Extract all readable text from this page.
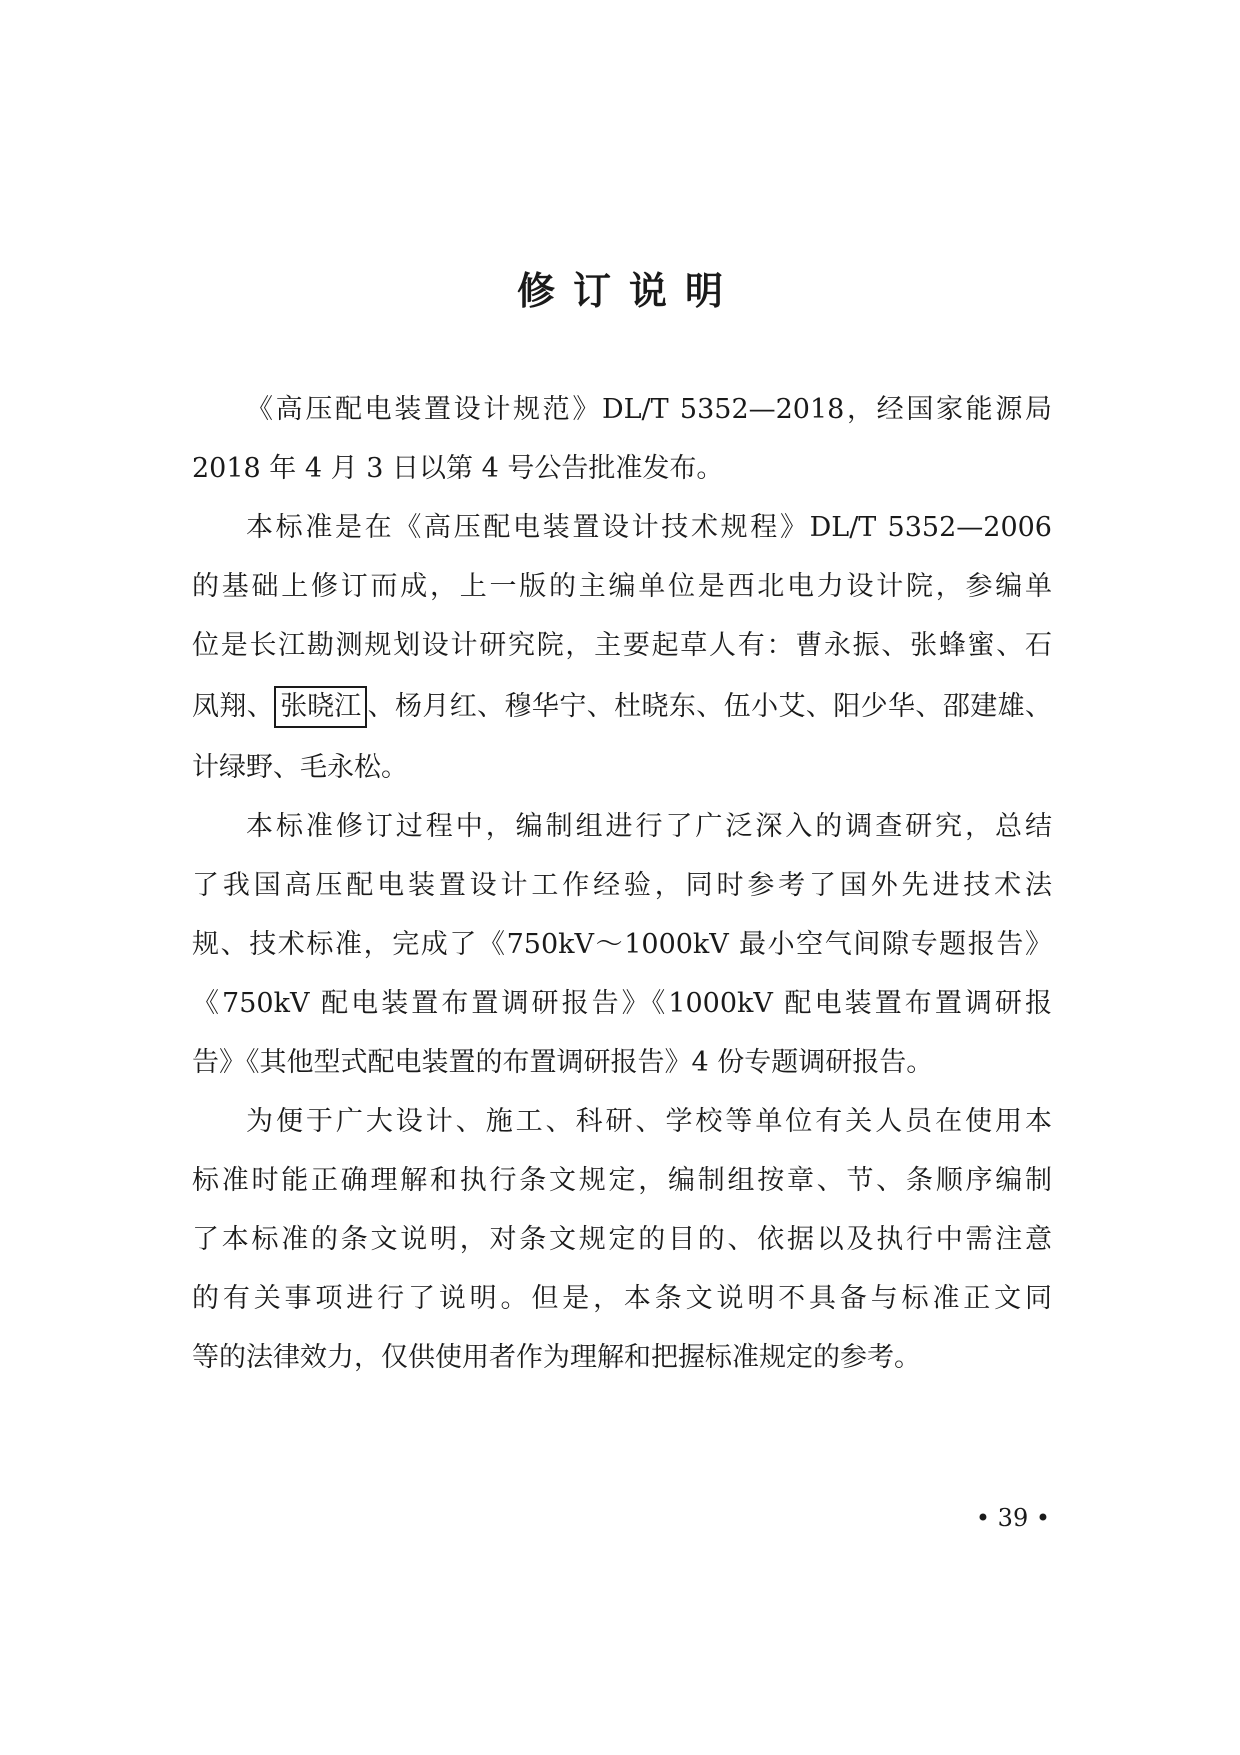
修订说明
《高压配电装置设计规范》DL/T 5352—2018，经国家能源局
2018 年 4 月 3 日以第 4 号公告批准发布。
本标准是在《高压配电装置设计技术规程》DL/T 5352—2006
的基础上修订而成，上一版的主编单位是西北电力设计院，参编单
位是长江勘测规划设计研究院，主要起草人有：曹永振、张蜂蜜、石
凤翔、 张晓江 、杨月红、穆华宁、杜晓东、伍小艾、阳少华、邵建雄、
计绿野、毛永松。
本标准修订过程中，编制组进行了广泛深入的调查研究，总结
了我国高压配电装置设计工作经验，同时参考了国外先进技术法
规、技术标准，完成了《750kV～1000kV 最小空气间隙专题报告》
《750kV 配电装置布置调研报告》《1000kV 配电装置布置调研报
告》《其他型式配电装置的布置调研报告》4 份专题调研报告。
为便于广大设计、施工、科研、学校等单位有关人员在使用本
标准时能正确理解和执行条文规定，编制组按章、节、条顺序编制
了本标准的条文说明，对条文规定的目的、依据以及执行中需注意
的有关事项进行了说明。但是，本条文说明不具备与标准正文同
等的法律效力，仅供使用者作为理解和把握标准规定的参考。
• 39 •
